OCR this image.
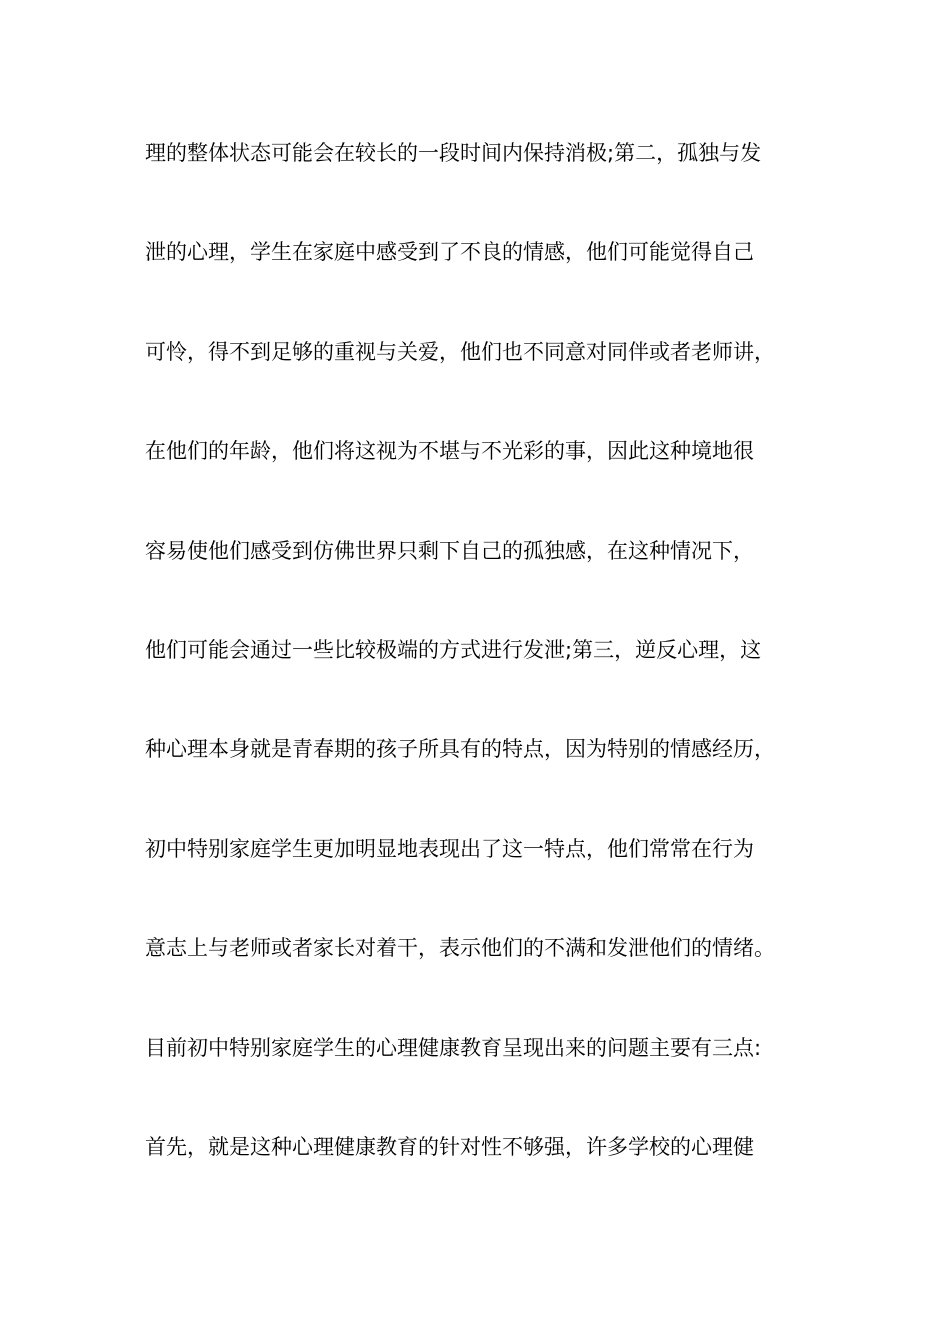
理的整体状态可能会在较长的一段时间内保持消极;第二，孤独与发
泄的心理，学生在家庭中感受到了不良的情感，他们可能觉得自己
可怜，得不到足够的重视与关爱，他们也不同意对同伴或者老师讲，
在他们的年龄，他们将这视为不堪与不光彩的事，因此这种境地很
容易使他们感受到仿佛世界只剩下自己的孤独感，在这种情况下，
他们可能会通过一些比较极端的方式进行发泄;第三，逆反心理，这
种心理本身就是青春期的孩子所具有的特点，因为特别的情感经历，
初中特别家庭学生更加明显地表现出了这一特点，他们常常在行为
意志上与老师或者家长对着干，表示他们的不满和发泄他们的情绪。
目前初中特别家庭学生的心理健康教育呈现出来的问题主要有三点:
首先，就是这种心理健康教育的针对性不够强，许多学校的心理健
